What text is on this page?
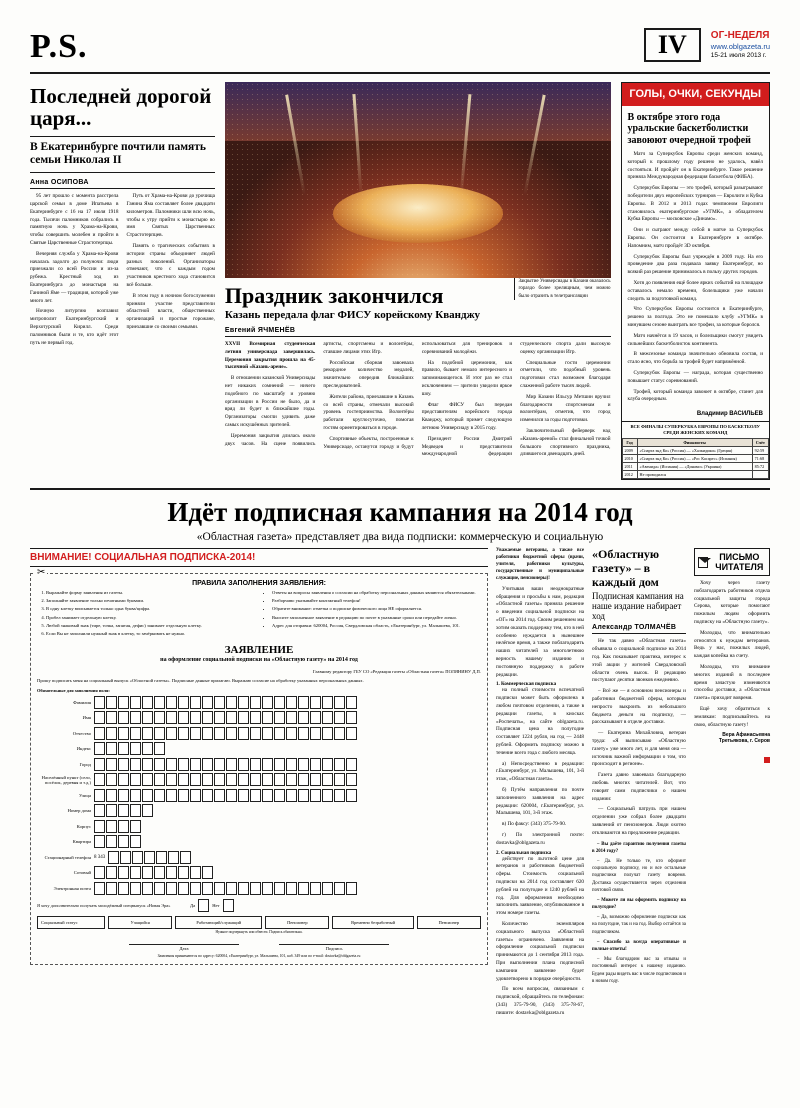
P.S.	IV	ОГ-НЕДЕЛЯ
www.oblgazeta.ru
15-21 июля 2013 г.
Последней дорогой царя...
В Екатеринбурге почтили память семьи Николая II
Анна ОСИПОВА

95 лет прошло с момента расстрела царской семьи в доме Ипатьева в Екатеринбурге с 16 на 17 июля 1918 года. Тысячи паломников собрались в памятную ночь у Храма-на-Крови, чтобы совершить молебен и пройти в Святые Царственные Страстотерпцы.

Вечерняя служба у Храма-на-Крови началась задолго до полуночи: люди приезжали со всей России и из-за рубежа. Крестный ход из Екатеринбурга до монастыря на Ганиной Яме — традиция, которой уже много лет.

Ночную литургию возглавил митрополит Екатеринбургский и Верхотурский Кирилл. Среди паломников были и те, кто идёт этот путь не первый год.

Путь от Храма-на-Крови до урочища Ганина Яма составляет более двадцати километров. Паломники шли всю ночь, чтобы к утру прийти к монастырю во имя Святых Царственных Страстотерпцев.

Память о трагических событиях в истории страны объединяет людей разных поколений. Организаторы отмечают, что с каждым годом участников крестного хода становится всё больше.

В этом году в ночном богослужении приняли участие представители областной власти, общественных организаций и простые горожане, приехавшие со своими семьями.

Праздник закончился
Казань передала флаг ФИСУ корейскому Кванджу
Закрытие Универсиады в Казани оказалось гораздо более зрелищным, чем можно было отразить в телетрансляции
Евгений ЯЧМЕНЁВ

XXVII Всемирная студенческая летняя универсиада завершилась. Церемония закрытия прошла на 45-тысячной «Казань-арене».

В отношении казанской Универсиады нет никаких сомнений — ничего подобного по масштабу и уровню организации в России не было, да и вряд ли будет в ближайшие годы. Организаторы смогли удивить даже самых искушённых зрителей.

Церемония закрытия длилась около двух часов. На сцене появились артисты, спортсмены и волонтёры, ставшие лицами этих Игр.

Российская сборная завоевала рекордное количество медалей, значительно опередив ближайших преследователей.

Жители района, приехавшие в Казань со всей страны, отмечали высокий уровень гостеприимства. Волонтёры работали круглосуточно, помогая гостям ориентироваться в городе.

Спортивные объекты, построенные к Универсиаде, останутся городу и будут использоваться для тренировок и соревнований молодёжи.

На подобной церемонии, как правило, бывает немало интересного и запоминающегося. И этот раз не стал исключением — зрители увидели яркое шоу.

Флаг ФИСУ был передан представителям корейского города Кванджу, который примет следующую летнюю Универсиаду в 2015 году.

Президент России Дмитрий Медведев и представители международной федерации студенческого спорта дали высокую оценку организации Игр.

Специальные гости церемонии отметили, что подобный уровень подготовки стал возможен благодаря слаженной работе тысяч людей.

Мир Казани Ильсур Метшин вручил благодарности спортсменам и волонтёрам, отметив, что город изменился за годы подготовки.

Заключительный фейерверк над «Казань-ареной» стал финальной точкой большого спортивного праздника, длившегося двенадцать дней.

ГОЛЫ, ОЧКИ, СЕКУНДЫ
В октябре этого года уральские баскетболистки завоюют очередной трофей

Матч за Суперкубок Европы среди женских команд, который к прошлому году решено не удалось, навёл состояться. И пройдёт он в Екатеринбурге. Такое решение приняла Международная федерация баскетбола (ФИБА).

Суперкубок Европы — это трофей, который разыгрывают победители двух европейских турниров — Евролиги и Кубка Европы. В 2012 и 2013 годах чемпионом Евролиги становилось екатеринбургское «УГМК», а обладателем Кубка Европы — московское «Динамо».

Они и сыграют между собой в матче за Суперкубок Европы. Он состоится в Екатеринбурге в октябре. Напомним, матч пройдёт 3D октября.

Суперкубок Европы был учреждён в 2009 году. На его проведение два раза подавала заявку Екатеринбург, но всякий раз решение принималось в пользу других городов.

Хотя до появления ещё более ярких событий на площадке оставалось немало времени, болельщики уже начали следить за подготовкой команд.

Что Суперкубок Европы состоится в Екатеринбурге, решено за полгода. Это не помешало клубу «УГМК» в минувшем сезоне выиграть все трофеи, за которые боролся.

Матч начнётся в 19 часов, и болельщики смогут увидеть сильнейших баскетболисток континента.

В межсезонье команда значительно обновила состав, и стало ясно, что борьба за трофей будет напряжённой.

Суперкубок Европы — награда, которая существенно повышает статус соревнований.

Трофей, который команда завоюет в октябре, станет для клуба очередным.

Владимир ВАСИЛЬЕВ
ВСЕ ФИНАЛЫ СУПЕРКУБКА ЕВРОПЫ ПО БАСКЕТБОЛУ СРЕДИ ЖЕНСКИХ КОМАНД
Год	Финалисты	Счёт
2009	«Спарта энд Ко» (Россия) — «Халкидики» (Греция)	92:59
2010	«Спарта энд Ко» (Россия) — «Рос Касарес» (Испания)	71:68
2011	«Авенида» (Испания) — «Динамо» (Украина)	85:72
2012	Не проводился	
Идёт подписная кампания на 2014 год
«Областная газета» представляет два вида подписки: коммерческую и социальную
ВНИМАНИЕ! СОЦИАЛЬНАЯ ПОДПИСКА-2014!
✂
ПРАВИЛА ЗАПОЛНЕНИЯ ЗАЯВЛЕНИЯ:
1. Выражайте форму заявления из газеты.
2. Заполняйте заявление только печатными буквами.
3. В одну клетку вписывается только одна буква/цифра.
4. Пробел занимает отдельную клетку.
5. Любой знаковый знак (тире, точка, запятая, дефис) занимает отдельную клетку.
6. Если Вы не заполнили нужный знак в клетку, то зачёркивать не нужно.
• Ответы на вопросы заявления о согласии на обработку персональных данных являются обязательными.
• Разборчиво указывайте контактный телефон!
• Обратите внимание: отметка о подписке физического лица НЕ оформляется.
• Вносите заполненное заявление в редакцию по почте в указанные сроки или передайте лично.
• Адрес для отправки: 620004, Россия, Свердловская область, г.Екатеринбург, ул. Малышева, 101.
ЗАЯВЛЕНИЕ
на оформление социальной подписки на «Областную газету» на 2014 год
Главному редактору ГБУ СО «Редакция газеты «Областная газета» ПОЛЯНИНУ Д.П.
Прошу подписать меня на социальный выпуск «Областной газеты». Подписные данные прилагаю. Выражаю согласие на обработку указанных персональных данных.
Обязательные для заполнения поля:
Фамилия
Имя
Отчество
Индекс
Город
Населённый пункт (село, посёлок, деревня и т.д.)
Улица
Номер дома
Корпус
Квартира
Стационарный телефон 8 343
Сотовый
Электронная почта
Я хочу дополнительно получать молодёжный спецвыпуск «Новая Эра»	Да	Нет
Социальный статус	Учащийся	Работающий/служащий	Пенсионер	Временно безработный	Пенсионер
Нужное подчеркнуть или обвести. Подпись обязательна.
Дата	Подпись
Заявления принимаются по адресу: 620004, г.Екатеринбург, ул. Малышева, 101, каб. 349 или по e-mail: dostavka@oblgazeta.ru
Уважаемые ветераны, а также все работники бюджетной сферы (врачи, учителя, работники культуры, государственные и муниципальные служащие, пенсионеры)!

Учитывая ваши неоднократные обращения и просьбы к нам, редакция «Областной газеты» приняла решение о введении социальной подписки на «ОГ» на 2014 год. Своим решением мы хотим оказать поддержку тем, кто в ней особенно нуждается в нынешнее нелёгкое время, а также поблагодарить наших читателей за многолетнюю верность нашему изданию и постоянную поддержку в работе редакции.

1. Коммерческая подписка

на полный стоимости вспечатной подписки может быть оформлена в любом почтовом отделении, а также в редакции газеты, в киосках «Роспечать», на сайте oblgazeta.ru. Подписная цена на полугодие составляет 1224 рубля, на год — 2448 рублей. Оформить подписку можно в течение всего года с любого месяца.

а) Непосредственно в редакции: г.Екатеринбург, ул. Малышева, 101, 3-й этаж, «Областная газета».

б) Путём направления по почте заполненного заявления на адрес редакции: 620004, г.Екатеринбург, ул. Малышева, 101, 3-й этаж.

в) По факсу: (343) 375-79-90.

г) По электронной почте: dostavka@oblgazeta.ru

2. Социальная подписка

действует по льготной цене для ветеранов и работников бюджетной сферы. Стоимость социальной подписки на 2014 год составляет 620 рублей на полугодие и 1240 рублей на год. Для оформления необходимо заполнить заявление, опубликованное в этом номере газеты.

Количество экземпляров социального выпуска «Областной газеты» ограничено. Заявления на оформление социальной подписки принимаются до 1 сентября 2013 года. При выполнении плана подписной кампании заявление будет удовлетворено в порядке очерёдности.

По всем вопросам, связанным с подпиской, обращайтесь по телефонам: (343) 375-79-90, (343) 375-78-67, пишите: dostavka@oblgazeta.ru

«Областную газету» – в каждый дом
Подписная кампания на наше издание набирает ход
Александр ТОЛМАЧЁВ

Не так давно «Областная газета» объявила о социальной подписке на 2014 год. Как показывает практика, интерес к этой акции у жителей Свердловской области очень высок. В редакцию поступают десятки звонков ежедневно.

– Всё же — я основном пенсионеры и работники бюджетной сферы, которым непросто выкроить из небольшого бюджета деньги на подписку, — рассказывают в отделе доставки.

— Екатерина Михайловна, ветеран труда: «Я выписываю «Областную газету» уже много лет, и для меня она — источник важной информации о том, что происходит в регионе».

Газета давно завоевала благодарную любовь многих читателей. Вот, что говорят сами подписчики о нашем издании:

— Социальный патруль при нашем отделении уже собрал более двадцати заявлений от пенсионеров. Люди охотно откликаются на предложение редакции.

– Вы даёте гарантию получения газеты в 2014 году?

– Да. Не только те, кто оформит социальную подписку, но и все остальные подписчики получат газету вовремя. Доставка осуществляется через отделения почтовой связи.

– Можете ли вы оформить подписку на полугодие?

– Да, возможно оформление подписки как на полугодие, так и на год. Выбор остаётся за подписчиком.

– Спасибо за всегда оперативные и полные ответы!

– Мы благодарим вас за отзывы и постоянный интерес к нашему изданию. Будем рады видеть вас в числе подписчиков и в новом году.

ПИСЬМО ЧИТАТЕЛЯ

Хочу через газету поблагодарить работников отдела социальной защиты города Серова, которые помогают пожилым людям оформить подписку на «Областную газету».

Молодцы, что внимательно относятся к нуждам ветеранов. Ведь у нас, пожилых людей, каждая копейка на счету.

Молодцы, что внимание многих изданий в последнее время зачастую изменяются способы доставки, а «Областная газета» приходит вовремя.

Ещё хочу обратиться к землякам: подписывайтесь на свою, областную газету!

Вера Афанасьевна Третьякова, г. Серов
